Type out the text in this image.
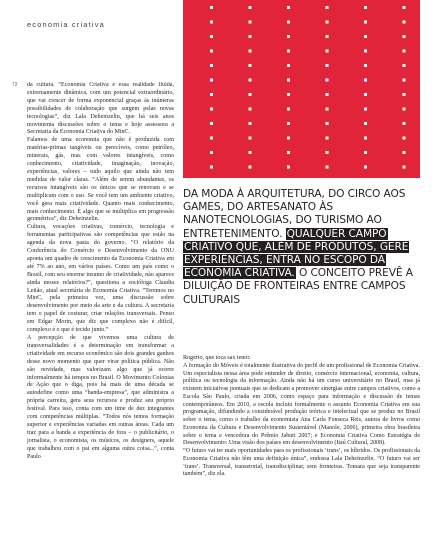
economia criativa
72 da cultura. “Economia Criativa é essa realidade fluida, extremamente dinâmica, com um potencial extraordinário, que vai crescer de forma exponencial graças às inúmeras possibilidades de colaboração que surgem pelas novas tecnologias”, diz Lala Deheinzelin, que há seis anos movimenta discussões sobre o tema e hoje assessora a Secretaria da Economia Criativa do MinC.

Falamos de uma economia que não é produzida com matérias-primas tangíveis ou perecíveis, como petróleo, minerais, gás, mas com valores intangíveis, como conhecimento, criatividade, imaginação, inovação, experiências, valores – tudo aquilo que ainda não tem medidas de valor claras. “Além de serem abundantes, os recursos intangíveis são os únicos que se renovam e se multiplicam com o uso. Se você tem um ambiente criativo, você gera mais criatividade. Quanto mais conhecimento, mais conhecimento. É algo que se multiplica em progressão geométrica”, diz Deheinzelin.

Cultura, vocações criativas, comércio, tecnologia e ferramentas participativas são competências que estão na agenda da nova pasta do governo. “O relatório da Conferência do Comércio e Desenvolvimento da ONU aponta um quadro de crescimento da Economia Criativa em até 7% ao ano, em vários países. Como um país como o Brasil, com seu enorme insumo de criatividade, não aparece ainda nesses relatórios?”, questiona a socióloga Claudia Leitão, atual secretária de Economia Criativa. “Teremos no MinC, pela primeira vez, uma discussão sobre desenvolvimento por meio da arte e da cultura. A secretaria tem o papel de costurar, criar relações transversais. Penso em Edgar Morin, que diz que complexo não é difícil, complexo é o que é tecido junto.”

A percepção de que vivemos uma cultura de transversalidades é a determinação em transformar a criatividade em recurso econômico são dois grandes ganhos desse novo momento que quer virar política pública. Não são novidade, mas valorizam algo que já ocorre informalmente há tempos no Brasil. O Movimento Colonias de Ação que o diga, pois há mais de uma década se autodefine como uma “banda-empresa”, que administra a própria carreira, gera seus recursos e produz seu próprio festival. Para isso, conta com um time de dez integrantes com competências múltiplas. “Todos nós temos formação superior e experiências variadas em outras áreas. Cada um traz para a banda a experiência de fora – o publicitário, o jornalista, o economista, os músicos, os designers, aquele que trabalhou com o pai em alguma outra coisa...”, conta Paulo

DA MODA À ARQUITETURA, DO CIRCO AOS GAMES, DO ARTESANATO ÀS NANOTECNOLOGIAS, DO TURISMO AO ENTRETENIMENTO. QUALQUER CAMPO CRIATIVO QUE, ALÉM DE PRODUTOS, GERE EXPERIÊNCIAS, ENTRA NO ESCOPO DA ECONOMIA CRIATIVA. O CONCEITO PREVÊ A DILUIÇÃO DE FRONTEIRAS ENTRE CAMPOS CULTURAIS

Rogério, que toca sax tenor.

A formação do Móveis é totalmente ilustrativa do perfil de um profissional de Economia Criativa. Um especialista nessa área pode entender de direito, comércio internacional, economia, cultura, política ou tecnologia da informação. Ainda não há um curso universitário no Brasil, mas já existem iniciativas pontuais que se dedicam a promover sinergias entre campos criativos, como a Escola São Paulo, criada em 2006, como espaço para informação e discussão de temas contemporâneos. Em 2010, a escola incluiu formalmente o assunto Economia Criativa em sua programação, difundindo a considerável produção teórica e intelectual que se produz no Brasil sobre o tema, como o trabalho da economista Ana Carla Fonseca Reis, autora de livros como Economia da Cultura e Desenvolvimento Sustentável (Manole, 2006), primeira obra brasileira sobre o tema e vencedora do Prêmio Jabuti 2007; e Economia Criativa Como Estratégia de Desenvolvimento: Uma visão dos países em desenvolvimento (Itaú Cultural, 2008).

“O futuro vai ter mais oportunidades para os profissionais ‘trans’, os híbridos. Os profissionais da Economia Criativa não têm uma definição única”, endossa Lala Deheinzelin. “O futuro vai ser ‘trans’. Transversal, transetorial, transdisciplinar, sem fronteiras. Tomara que seja transparente também”, diz ela.
